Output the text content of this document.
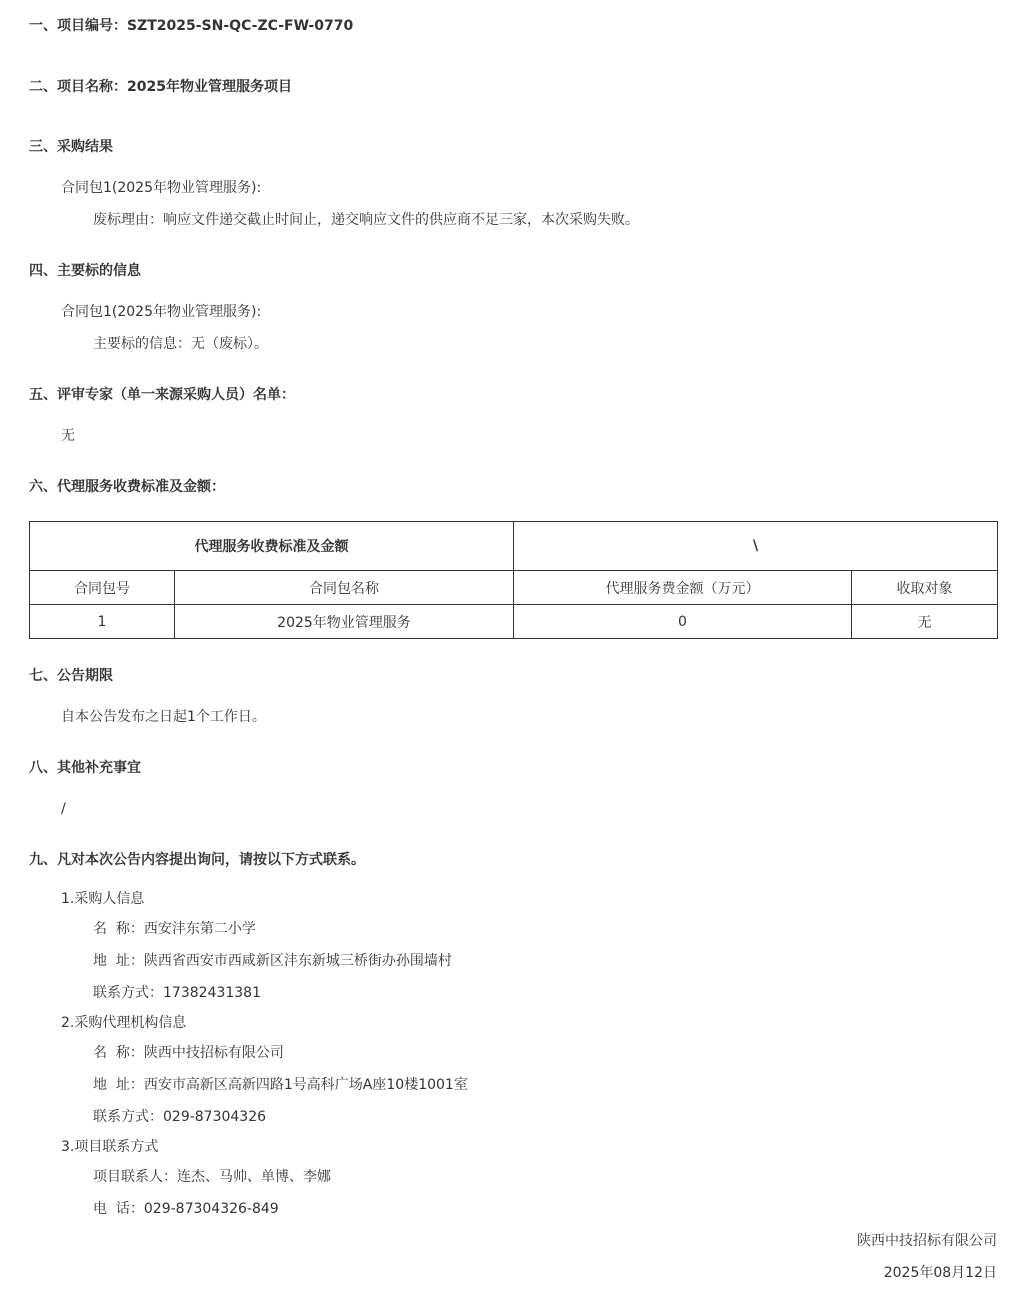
一、项目编号：SZT2025-SN-QC-ZC-FW-0770
二、项目名称：2025年物业管理服务项目
三、采购结果
合同包1(2025年物业管理服务):
废标理由：响应文件递交截止时间止，递交响应文件的供应商不足三家，本次采购失败。
四、主要标的信息
合同包1(2025年物业管理服务):
主要标的信息：无（废标）。
五、评审专家（单一来源采购人员）名单：
无
六、代理服务收费标准及金额：
代理服务收费标准及金额		\	
合同包号	合同包名称	代理服务费金额（万元）	收取对象
1	2025年物业管理服务	0	无
七、公告期限
自本公告发布之日起1个工作日。
八、其他补充事宜
/
九、凡对本次公告内容提出询问，请按以下方式联系。
1.采购人信息
名  称：西安沣东第二小学
地  址：陕西省西安市西咸新区沣东新城三桥街办孙围墙村
联系方式：17382431381
2.采购代理机构信息
名  称：陕西中技招标有限公司
地  址：西安市高新区高新四路1号高科广场A座10楼1001室
联系方式：029-87304326
3.项目联系方式
项目联系人：连杰、马帅、单博、李娜
电  话：029-87304326-849
陕西中技招标有限公司
2025年08月12日
